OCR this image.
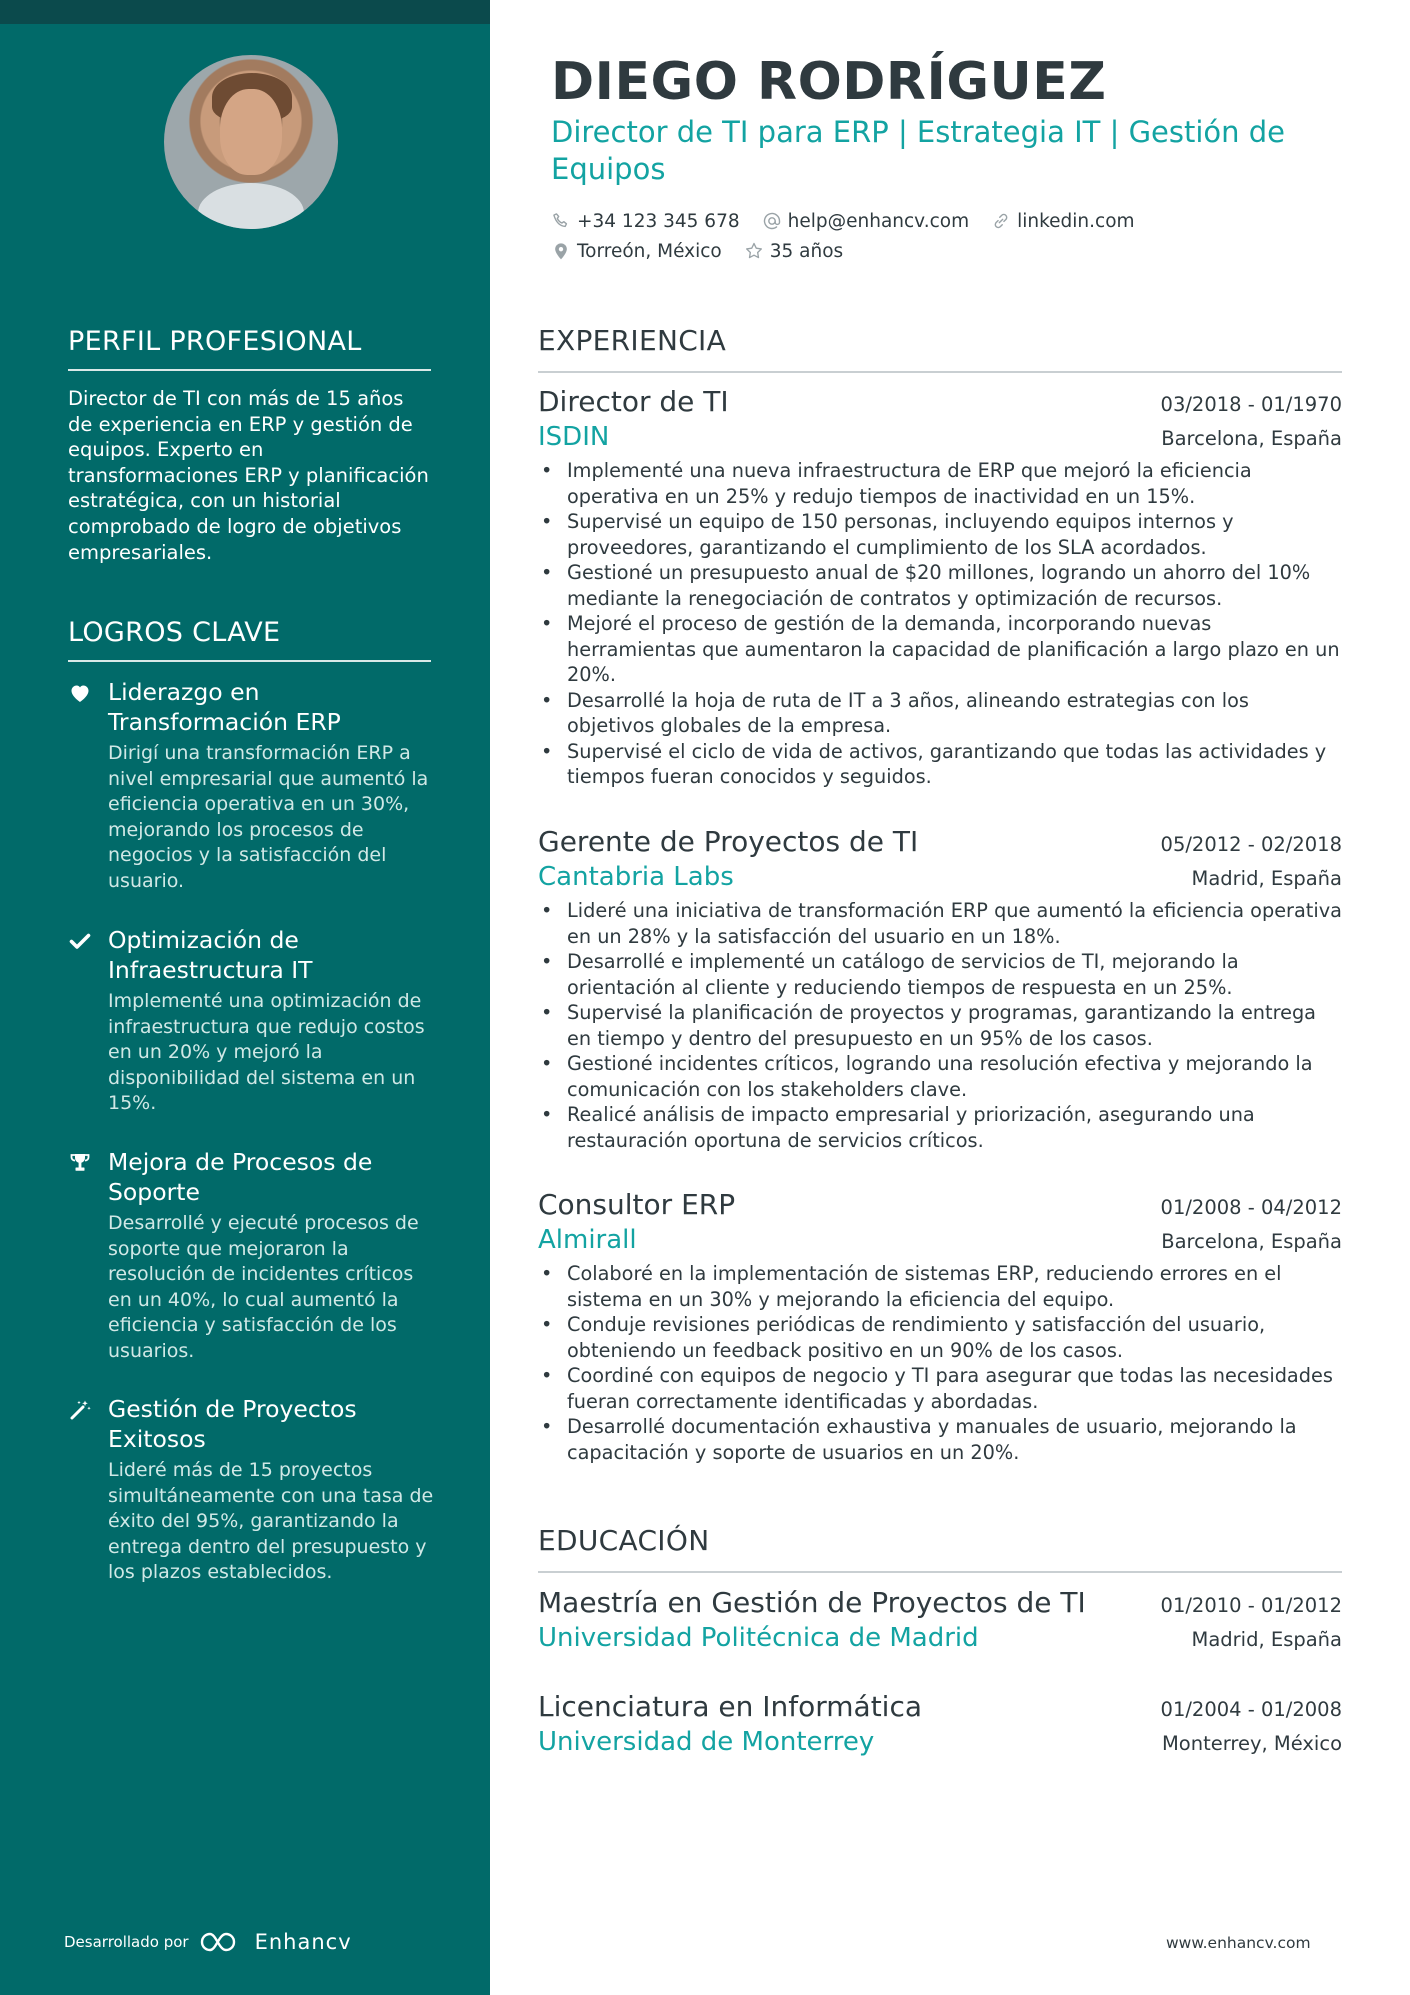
PERFIL PROFESIONAL
Director de TI con más de 15 años de experiencia en ERP y gestión de equipos. Experto en transformaciones ERP y planificación estratégica, con un historial comprobado de logro de objetivos empresariales.
LOGROS CLAVE
Liderazgo en Transformación ERP
Dirigí una transformación ERP a nivel empresarial que aumentó la eficiencia operativa en un 30%, mejorando los procesos de negocios y la satisfacción del usuario.
Optimización de Infraestructura IT
Implementé una optimización de infraestructura que redujo costos en un 20% y mejoró la disponibilidad del sistema en un 15%.
Mejora de Procesos de Soporte
Desarrollé y ejecuté procesos de soporte que mejoraron la resolución de incidentes críticos en un 40%, lo cual aumentó la eficiencia y satisfacción de los usuarios.
Gestión de Proyectos Exitosos
Lideré más de 15 proyectos simultáneamente con una tasa de éxito del 95%, garantizando la entrega dentro del presupuesto y los plazos establecidos.
Desarrollado por	Enhancv
DIEGO RODRÍGUEZ
Director de TI para ERP | Estrategia IT | Gestión de Equipos
+34 123 345 678	help@enhancv.com	linkedin.com
Torreón, México	35 años
EXPERIENCIA
Director de TI	03/2018 - 01/1970
ISDIN	Barcelona, España
• Implementé una nueva infraestructura de ERP que mejoró la eficiencia operativa en un 25% y redujo tiempos de inactividad en un 15%.
• Supervisé un equipo de 150 personas, incluyendo equipos internos y proveedores, garantizando el cumplimiento de los SLA acordados.
• Gestioné un presupuesto anual de $20 millones, logrando un ahorro del 10% mediante la renegociación de contratos y optimización de recursos.
• Mejoré el proceso de gestión de la demanda, incorporando nuevas herramientas que aumentaron la capacidad de planificación a largo plazo en un 20%.
• Desarrollé la hoja de ruta de IT a 3 años, alineando estrategias con los objetivos globales de la empresa.
• Supervisé el ciclo de vida de activos, garantizando que todas las actividades y tiempos fueran conocidos y seguidos.
Gerente de Proyectos de TI	05/2012 - 02/2018
Cantabria Labs	Madrid, España
• Lideré una iniciativa de transformación ERP que aumentó la eficiencia operativa en un 28% y la satisfacción del usuario en un 18%.
• Desarrollé e implementé un catálogo de servicios de TI, mejorando la orientación al cliente y reduciendo tiempos de respuesta en un 25%.
• Supervisé la planificación de proyectos y programas, garantizando la entrega en tiempo y dentro del presupuesto en un 95% de los casos.
• Gestioné incidentes críticos, logrando una resolución efectiva y mejorando la comunicación con los stakeholders clave.
• Realicé análisis de impacto empresarial y priorización, asegurando una restauración oportuna de servicios críticos.
Consultor ERP	01/2008 - 04/2012
Almirall	Barcelona, España
• Colaboré en la implementación de sistemas ERP, reduciendo errores en el sistema en un 30% y mejorando la eficiencia del equipo.
• Conduje revisiones periódicas de rendimiento y satisfacción del usuario, obteniendo un feedback positivo en un 90% de los casos.
• Coordiné con equipos de negocio y TI para asegurar que todas las necesidades fueran correctamente identificadas y abordadas.
• Desarrollé documentación exhaustiva y manuales de usuario, mejorando la capacitación y soporte de usuarios en un 20%.
EDUCACIÓN
Maestría en Gestión de Proyectos de TI	01/2010 - 01/2012
Universidad Politécnica de Madrid	Madrid, España
Licenciatura en Informática	01/2004 - 01/2008
Universidad de Monterrey	Monterrey, México
www.enhancv.com
